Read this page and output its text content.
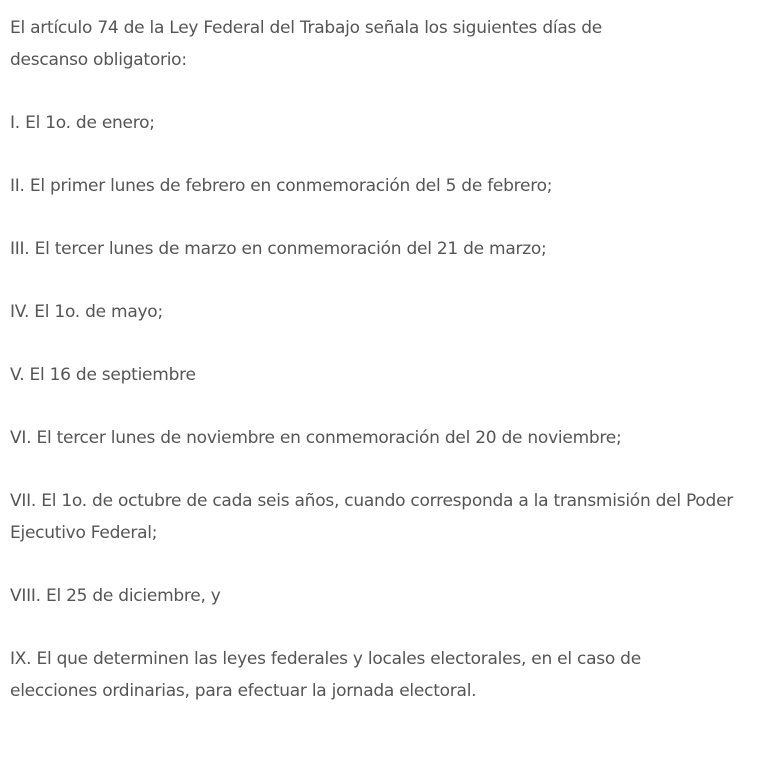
El artículo 74 de la Ley Federal del Trabajo señala los siguientes días de descanso obligatorio:

I. El 1o. de enero;

II. El primer lunes de febrero en conmemoración del 5 de febrero;

III. El tercer lunes de marzo en conmemoración del 21 de marzo;

IV. El 1o. de mayo;

V. El 16 de septiembre

VI. El tercer lunes de noviembre en conmemoración del 20 de noviembre;

VII. El 1o. de octubre de cada seis años, cuando corresponda a la transmisión del Poder Ejecutivo Federal;

VIII. El 25 de diciembre, y

IX. El que determinen las leyes federales y locales electorales, en el caso de elecciones ordinarias, para efectuar la jornada electoral.
